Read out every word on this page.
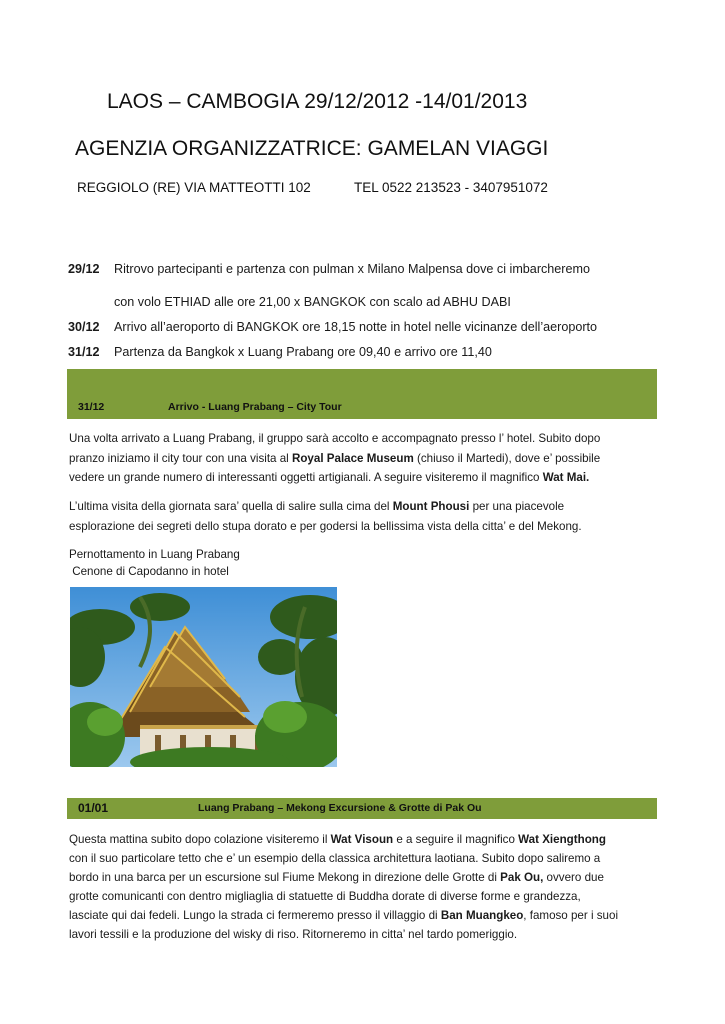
LAOS – CAMBOGIA 29/12/2012 -14/01/2013
AGENZIA ORGANIZZATRICE: GAMELAN VIAGGI
REGGIOLO (RE) VIA MATTEOTTI 102	TEL 0522 213523 - 3407951072
29/12 Ritrovo partecipanti e partenza con pulman x Milano Malpensa dove ci imbarcheremo
con volo ETHIAD alle ore 21,00 x BANGKOK con scalo ad ABHU DABI
30/12 Arrivo all’aeroporto di BANGKOK ore 18,15 notte in hotel nelle vicinanze dell’aeroporto
31/12 Partenza da Bangkok x Luang Prabang ore 09,40 e arrivo ore 11,40
31/12	Arrivo - Luang Prabang – City Tour
Una volta arrivato a Luang Prabang, il gruppo sarà accolto e accompagnato presso l’ hotel. Subito dopo
pranzo iniziamo il city tour con una visita al Royal Palace Museum (chiuso il Martedi), dove e’ possibile
vedere un grande numero di interessanti oggetti artigianali. A seguire visiteremo il magnifico Wat Mai.
L’ultima visita della giornata sara’ quella di salire sulla cima del Mount Phousi per una piacevole
esplorazione dei segreti dello stupa dorato e per godersi la bellissima vista della citta’ e del Mekong.
Pernottamento in Luang Prabang
Cenone di Capodanno in hotel
01/01	Luang Prabang – Mekong Excursione & Grotte di Pak Ou
Questa mattina subito dopo colazione visiteremo il Wat Visoun e a seguire il magnifico Wat Xiengthong
con il suo particolare tetto che e’ un esempio della classica architettura laotiana. Subito dopo saliremo a
bordo in una barca per un escursione sul Fiume Mekong in direzione delle Grotte di Pak Ou, ovvero due
grotte comunicanti con dentro migliaglia di statuette di Buddha dorate di diverse forme e grandezza,
lasciate qui dai fedeli. Lungo la strada ci fermeremo presso il villaggio di Ban Muangkeo, famoso per i suoi
lavori tessili e la produzione del wisky di riso. Ritorneremo in citta’ nel tardo pomeriggio.
